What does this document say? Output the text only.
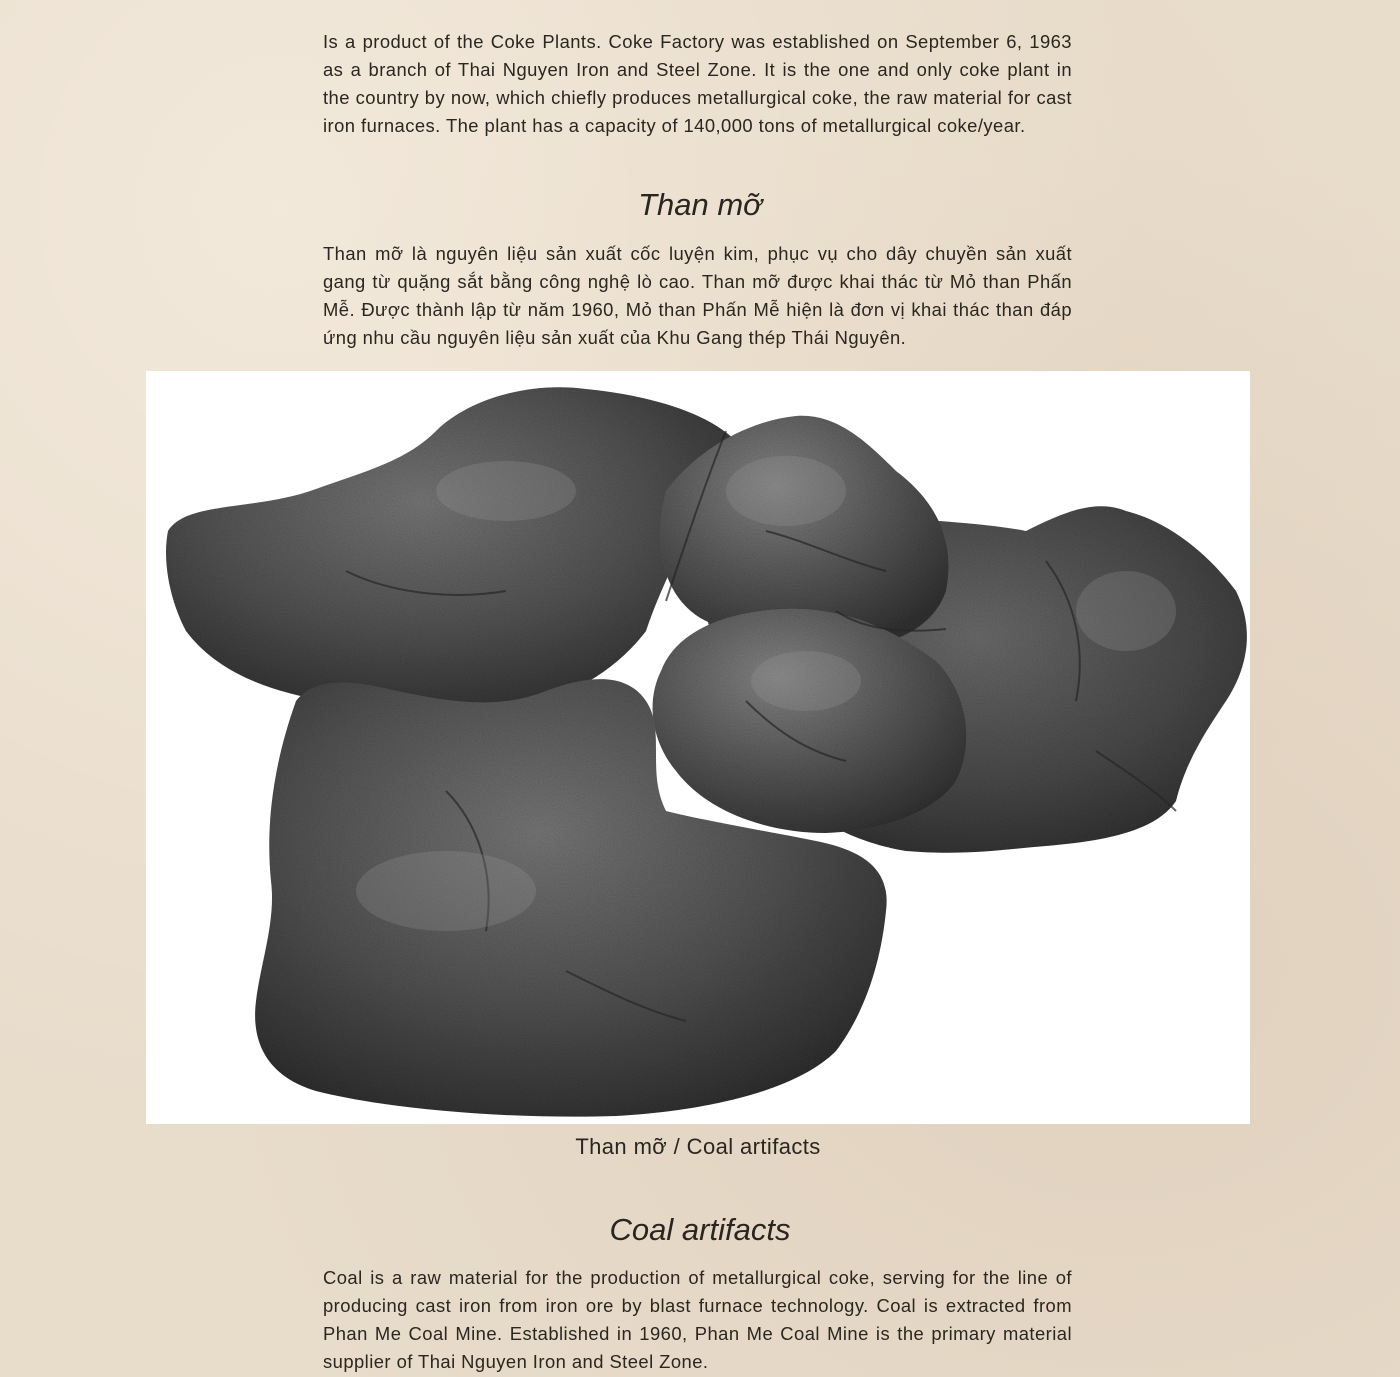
Is a product of the Coke Plants. Coke Factory was established on September 6, 1963 as a branch of Thai Nguyen Iron and Steel Zone. It is the one and only coke plant in the country by now, which chiefly produces metallurgical coke, the raw material for cast iron furnaces. The plant has a capacity of 140,000 tons of metallurgical coke/year.

Than mỡ

Than mỡ là nguyên liệu sản xuất cốc luyện kim, phục vụ cho dây chuyền sản xuất gang từ quặng sắt bằng công nghệ lò cao. Than mỡ được khai thác từ Mỏ than Phấn Mễ. Được thành lập từ năm 1960, Mỏ than Phấn Mễ hiện là đơn vị khai thác than đáp ứng nhu cầu nguyên liệu sản xuất của Khu Gang thép Thái Nguyên.

Than mỡ / Coal artifacts
Coal artifacts

Coal is a raw material for the production of metallurgical coke, serving for the line of producing cast iron from iron ore by blast furnace technology. Coal is extracted from Phan Me Coal Mine. Established in 1960, Phan Me Coal Mine is the primary material supplier of Thai Nguyen Iron and Steel Zone.
